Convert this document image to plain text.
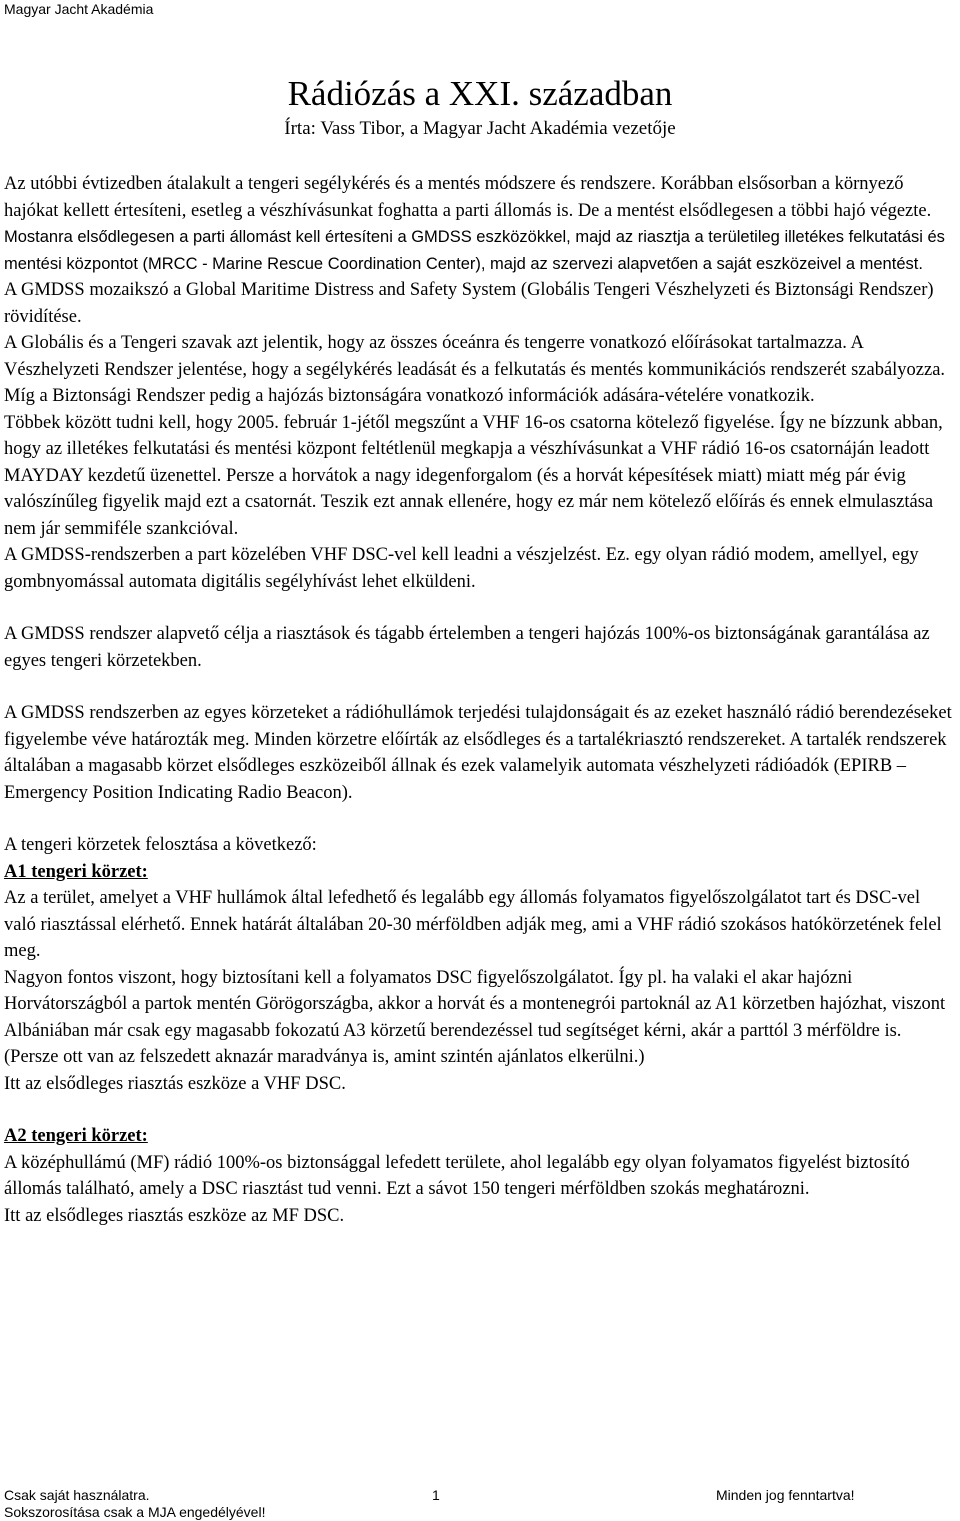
Magyar Jacht Akadémia
Rádiózás a XXI. században
Írta: Vass Tibor, a Magyar Jacht Akadémia vezetője

Az utóbbi évtizedben átalakult a tengeri segélykérés és a mentés módszere és rendszere. Korábban elsősorban a környező hajókat kellett értesíteni, esetleg a vészhívásunkat foghatta a parti állomás is. De a mentést elsődlegesen a többi hajó végezte. Mostanra elsődlegesen a parti állomást kell értesíteni a GMDSS eszközökkel, majd az riasztja a területileg illetékes felkutatási és mentési központot (MRCC - Marine Rescue Coordination Center), majd az szervezi alapvetően a saját eszközeivel a mentést.

A GMDSS mozaikszó a Global Maritime Distress and Safety System (Globális Tengeri Vészhelyzeti és Biztonsági Rendszer) rövidítése.

A Globális és a Tengeri szavak azt jelentik, hogy az összes óceánra és tengerre vonatkozó előírásokat tartalmazza. A Vészhelyzeti Rendszer jelentése, hogy a segélykérés leadását és a felkutatás és mentés kommunikációs rendszerét szabályozza. Míg a Biztonsági Rendszer pedig a hajózás biztonságára vonatkozó információk adására-vételére vonatkozik.

Többek között tudni kell, hogy 2005. február 1-jétől megszűnt a VHF 16-os csatorna kötelező figyelése. Így ne bízzunk abban, hogy az illetékes felkutatási és mentési központ feltétlenül megkapja a vészhívásunkat a VHF rádió 16-os csatornáján leadott MAYDAY kezdetű üzenettel. Persze a horvátok a nagy idegenforgalom (és a horvát képesítések miatt) miatt még pár évig valószínűleg figyelik majd ezt a csatornát. Teszik ezt annak ellenére, hogy ez már nem kötelező előírás és ennek elmulasztása nem jár semmiféle szankcióval.

A GMDSS-rendszerben a part közelében VHF DSC-vel kell leadni a vészjelzést. Ez. egy olyan rádió modem, amellyel, egy gombnyomással automata digitális segélyhívást lehet elküldeni.

A GMDSS rendszer alapvető célja a riasztások és tágabb értelemben a tengeri hajózás 100%-os biztonságának garantálása az egyes tengeri körzetekben.

A GMDSS rendszerben az egyes körzeteket a rádióhullámok terjedési tulajdonságait és az ezeket használó rádió berendezéseket figyelembe véve határozták meg. Minden körzetre előírták az elsődleges és a tartalékriasztó rendszereket. A tartalék rendszerek általában a magasabb körzet elsődleges eszközeiből állnak és ezek valamelyik automata vészhelyzeti rádióadók (EPIRB – Emergency Position Indicating Radio Beacon).

A tengeri körzetek felosztása a következő:

A1 tengeri körzet:

Az a terület, amelyet a VHF hullámok által lefedhető és legalább egy állomás folyamatos figyelőszolgálatot tart és DSC-vel való riasztással elérhető. Ennek határát általában 20-30 mérföldben adják meg, ami a VHF rádió szokásos hatókörzetének felel meg.

Nagyon fontos viszont, hogy biztosítani kell a folyamatos DSC figyelőszolgálatot. Így pl. ha valaki el akar hajózni Horvátországból a partok mentén Görögországba, akkor a horvát és a montenegrói partoknál az A1 körzetben hajózhat, viszont Albániában már csak egy magasabb fokozatú A3 körzetű berendezéssel tud segítséget kérni, akár a parttól 3 mérföldre is. (Persze ott van az felszedett aknazár maradványa is, amint szintén ajánlatos elkerülni.)

Itt az elsődleges riasztás eszköze a VHF DSC.

A2 tengeri körzet:

A középhullámú (MF) rádió 100%-os biztonsággal lefedett területe, ahol legalább egy olyan folyamatos figyelést biztosító állomás található, amely a DSC riasztást tud venni. Ezt a sávot 150 tengeri mérföldben szokás meghatározni.

Itt az elsődleges riasztás eszköze az MF DSC.

Csak saját használatra.	1	Minden jog fenntartva!
Sokszorosítása csak a MJA engedélyével!
